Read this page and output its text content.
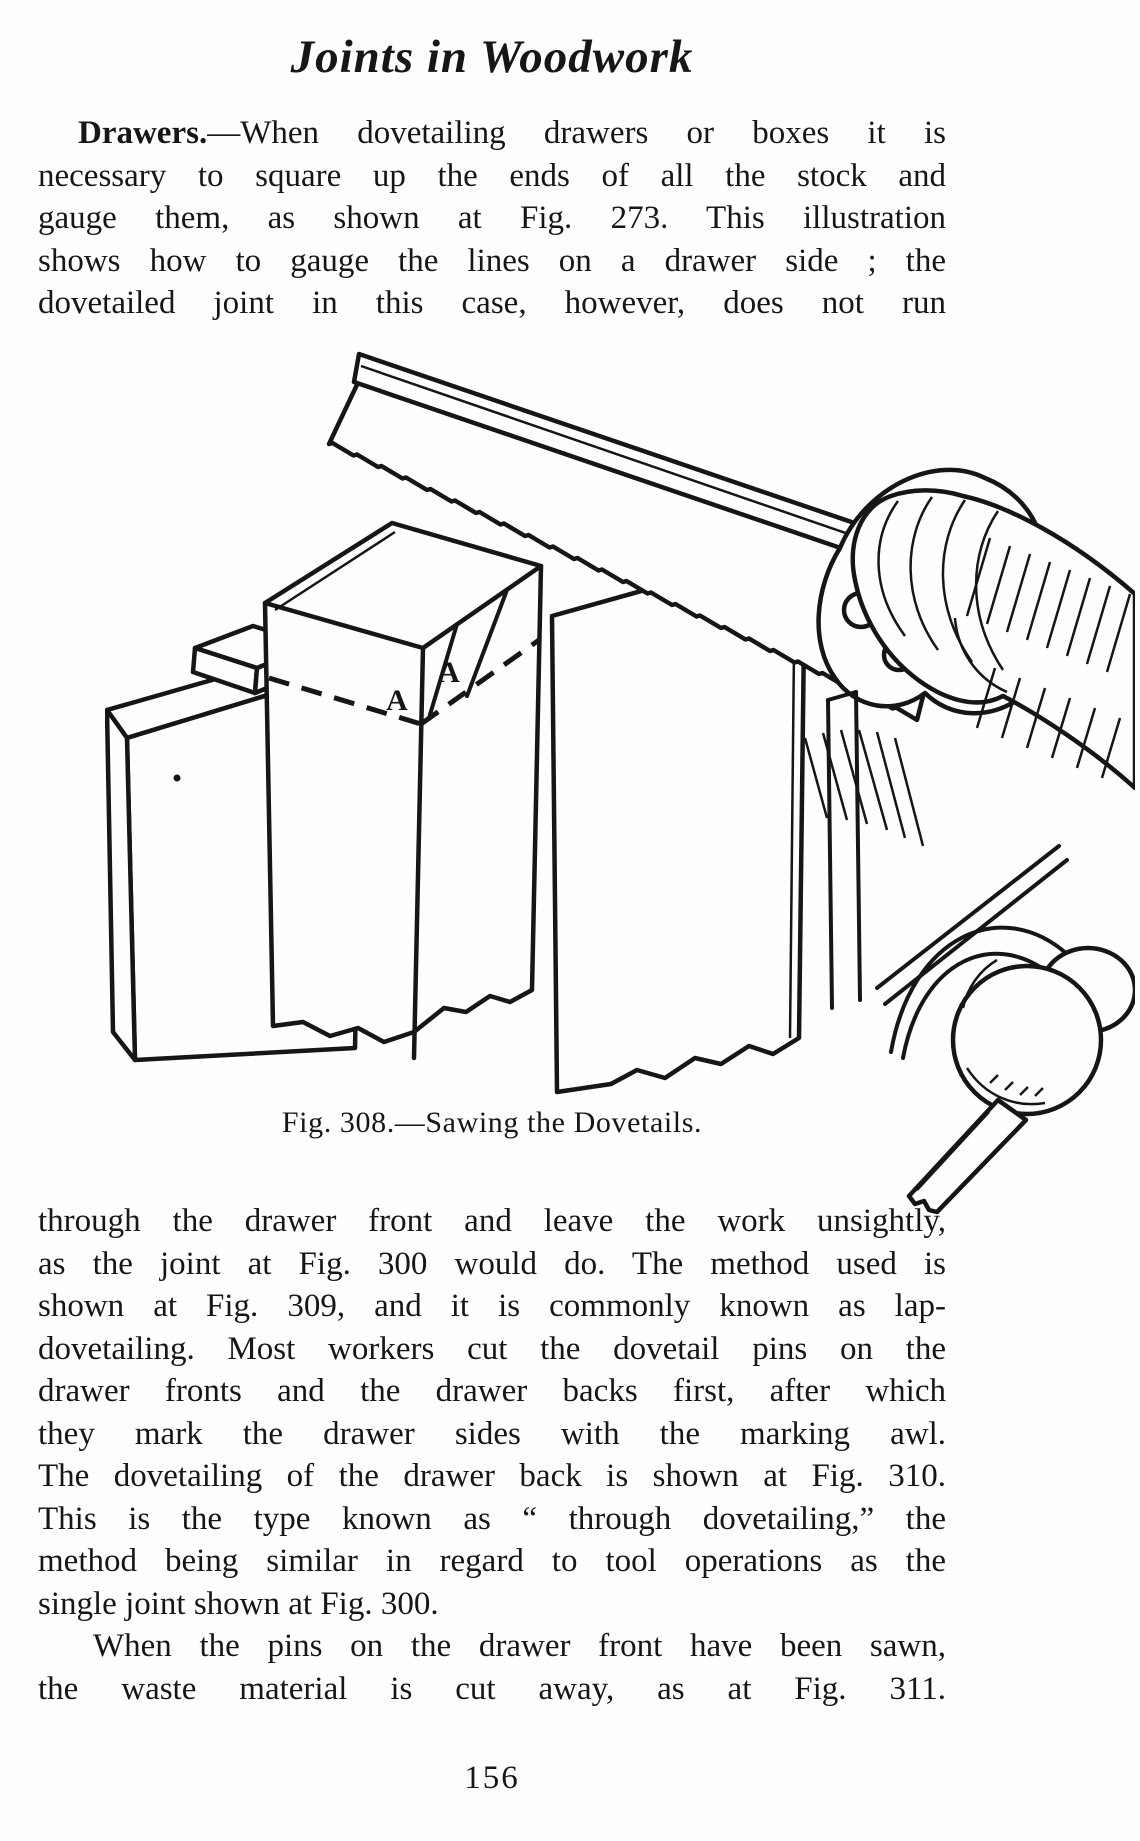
Joints in Woodwork
Drawers.—When dovetailing drawers or boxes it is
necessary to square up the ends of all the stock and
gauge them, as shown at Fig. 273. This illustration
shows how to gauge the lines on a drawer side ; the
dovetailed joint in this case, however, does not run
A
A
Fig. 308.—Sawing the Dovetails.
through the drawer front and leave the work unsightly,
as the joint at Fig. 300 would do. The method used is
shown at Fig. 309, and it is commonly known as lap-
dovetailing. Most workers cut the dovetail pins on the
drawer fronts and the drawer backs first, after which
they mark the drawer sides with the marking awl.
The dovetailing of the drawer back is shown at Fig. 310.
This is the type known as “ through dovetailing,” the
method being similar in regard to tool operations as the
single joint shown at Fig. 300.
When the pins on the drawer front have been sawn,
the waste material is cut away, as at Fig. 311.
156
